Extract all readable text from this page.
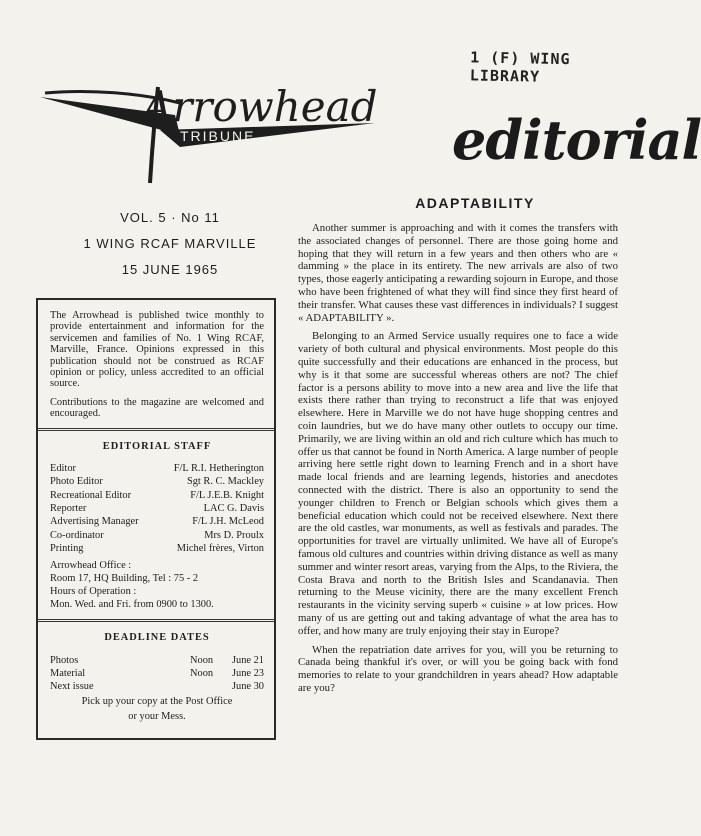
1 (F) WING LIBRARY
Arrowhead
TRIBUNE	editorial
VOL. 5 · No 11
1 WING RCAF MARVILLE
15 JUNE 1965

The Arrowhead is published twice monthly to provide entertainment and information for the servicemen and families of No. 1 Wing RCAF, Marville, France. Opinions expressed in this publication should not be construed as RCAF opinion or policy, unless accredited to an official source.

Contributions to the magazine are welcomed and encouraged.

EDITORIAL STAFF
Editor	F/L R.I. Hetherington
Photo Editor	Sgt R. C. Mackley
Recreational Editor	F/L J.E.B. Knight
Reporter	LAC G. Davis
Advertising Manager	F/L J.H. McLeod
Co-ordinator	Mrs D. Proulx
Printing	Michel frères, Virton
Arrowhead Office :
Room 17, HQ Building, Tel : 75 - 2
Hours of Operation :
Mon. Wed. and Fri. from 0900 to 1300.
DEADLINE DATES
Photos	Noon June 21
Material	Noon June 23
Next issue	June 30
Pick up your copy at the Post Office
or your Mess.
ADAPTABILITY

Another summer is approaching and with it comes the transfers with the associated changes of personnel. There are those going home and hoping that they will return in a few years and then others who are « damming » the place in its entirety. The new arrivals are also of two types, those eagerly anticipating a rewarding sojourn in Europe, and those who have been frightened of what they will find since they first heard of their transfer. What causes these vast differences in individuals? I suggest « ADAPTABILITY ».

Belonging to an Armed Service usually requires one to face a wide variety of both cultural and physical environments. Most people do this quite successfully and their educations are enhanced in the process, but why is it that some are successful whereas others are not? The chief factor is a persons ability to move into a new area and live the life that exists there rather than trying to reconstruct a life that was enjoyed elsewhere. Here in Marville we do not have huge shopping centres and coin laundries, but we do have many other outlets to occupy our time. Primarily, we are living within an old and rich culture which has much to offer us that cannot be found in North America. A large number of people arriving here settle right down to learning French and in a short have made local friends and are learning legends, histories and anecdotes connected with the district. There is also an opportunity to send the younger children to French or Belgian schools which gives them a beneficial education which could not be received elsewhere. Next there are the old castles, war monuments, as well as festivals and parades. The opportunities for travel are virtually unlimited. We have all of Europe's famous old cultures and countries within driving distance as well as many summer and winter resort areas, varying from the Alps, to the Riviera, the Costa Brava and north to the British Isles and Scandanavia. Then returning to the Meuse vicinity, there are the many excellent French restaurants in the vicinity serving superb « cuisine » at low prices. How many of us are getting out and taking advantage of what the area has to offer, and how many are truly enjoying their stay in Europe?

When the repatriation date arrives for you, will you be returning to Canada being thankful it's over, or will you be going back with fond memories to relate to your grandchildren in years ahead? How adaptable are you?
